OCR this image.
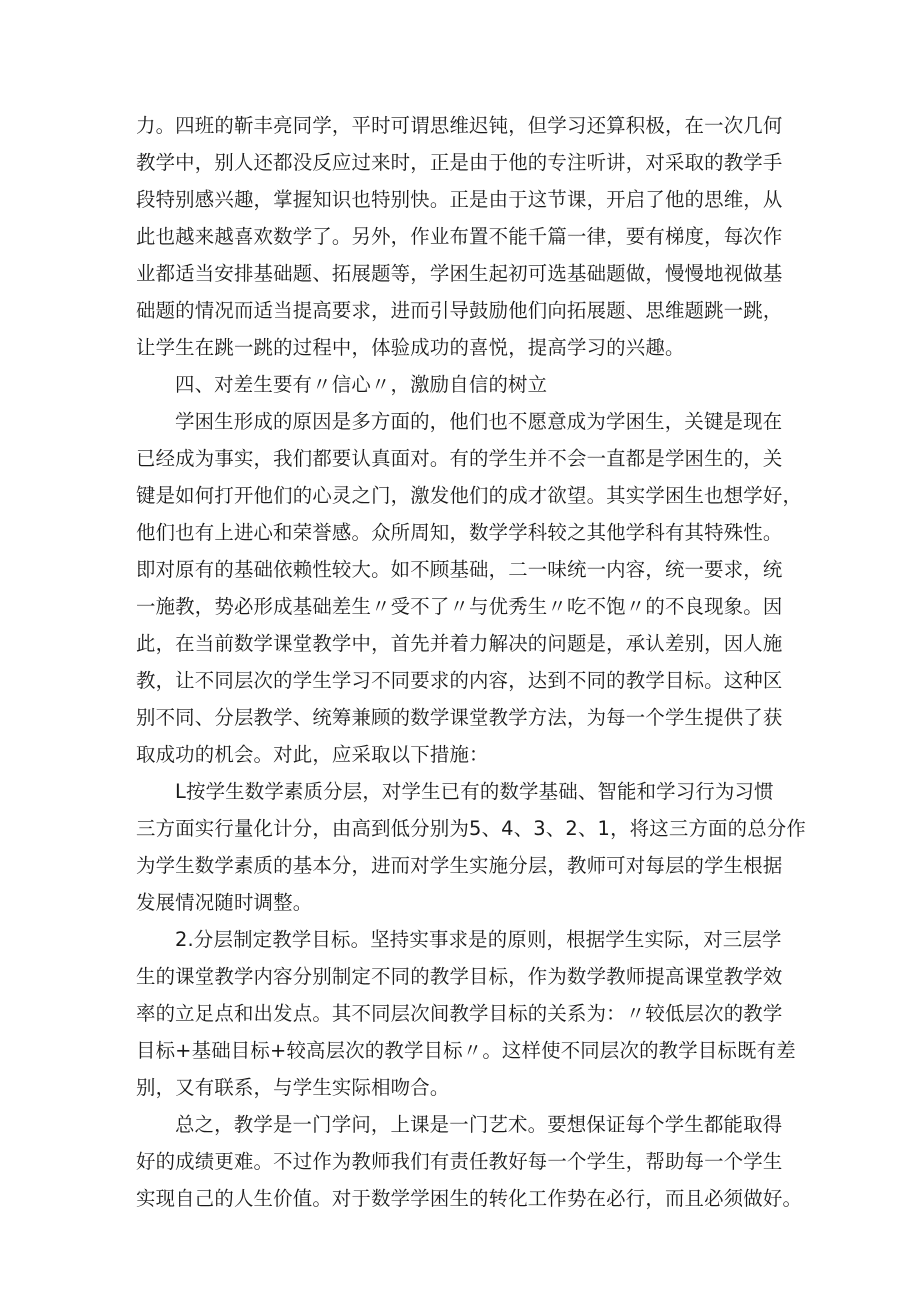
力。四班的靳丰亮同学，平时可谓思维迟钝，但学习还算积极，在一次几何
教学中，别人还都没反应过来时，正是由于他的专注听讲，对采取的教学手
段特别感兴趣，掌握知识也特别快。正是由于这节课，开启了他的思维，从
此也越来越喜欢数学了。另外，作业布置不能千篇一律，要有梯度，每次作
业都适当安排基础题、拓展题等，学困生起初可选基础题做，慢慢地视做基
础题的情况而适当提高要求，进而引导鼓励他们向拓展题、思维题跳一跳，
让学生在跳一跳的过程中，体验成功的喜悦，提高学习的兴趣。
四、对差生要有〃信心〃，激励自信的树立
学困生形成的原因是多方面的，他们也不愿意成为学困生，关键是现在
已经成为事实，我们都要认真面对。有的学生并不会一直都是学困生的，关
键是如何打开他们的心灵之门，激发他们的成才欲望。其实学困生也想学好，
他们也有上进心和荣誉感。众所周知，数学学科较之其他学科有其特殊性。
即对原有的基础依赖性较大。如不顾基础，二一味统一内容，统一要求，统
一施教，势必形成基础差生〃受不了〃与优秀生〃吃不饱〃的不良现象。因
此，在当前数学课堂教学中，首先并着力解决的问题是，承认差别，因人施
教，让不同层次的学生学习不同要求的内容，达到不同的教学目标。这种区
别不同、分层教学、统筹兼顾的数学课堂教学方法，为每一个学生提供了获
取成功的机会。对此，应采取以下措施：
L按学生数学素质分层，对学生已有的数学基础、智能和学习行为习惯
三方面实行量化计分，由高到低分别为5、4、3、2、1，将这三方面的总分作
为学生数学素质的基本分，进而对学生实施分层，教师可对每层的学生根据
发展情况随时调整。
2.分层制定教学目标。坚持实事求是的原则，根据学生实际，对三层学
生的课堂教学内容分别制定不同的教学目标，作为数学教师提高课堂教学效
率的立足点和出发点。其不同层次间教学目标的关系为：〃较低层次的教学
目标+基础目标+较高层次的教学目标〃。这样使不同层次的教学目标既有差
别，又有联系，与学生实际相吻合。
总之，教学是一门学问，上课是一门艺术。要想保证每个学生都能取得
好的成绩更难。不过作为教师我们有责任教好每一个学生，帮助每一个学生
实现自己的人生价值。对于数学学困生的转化工作势在必行，而且必须做好。
